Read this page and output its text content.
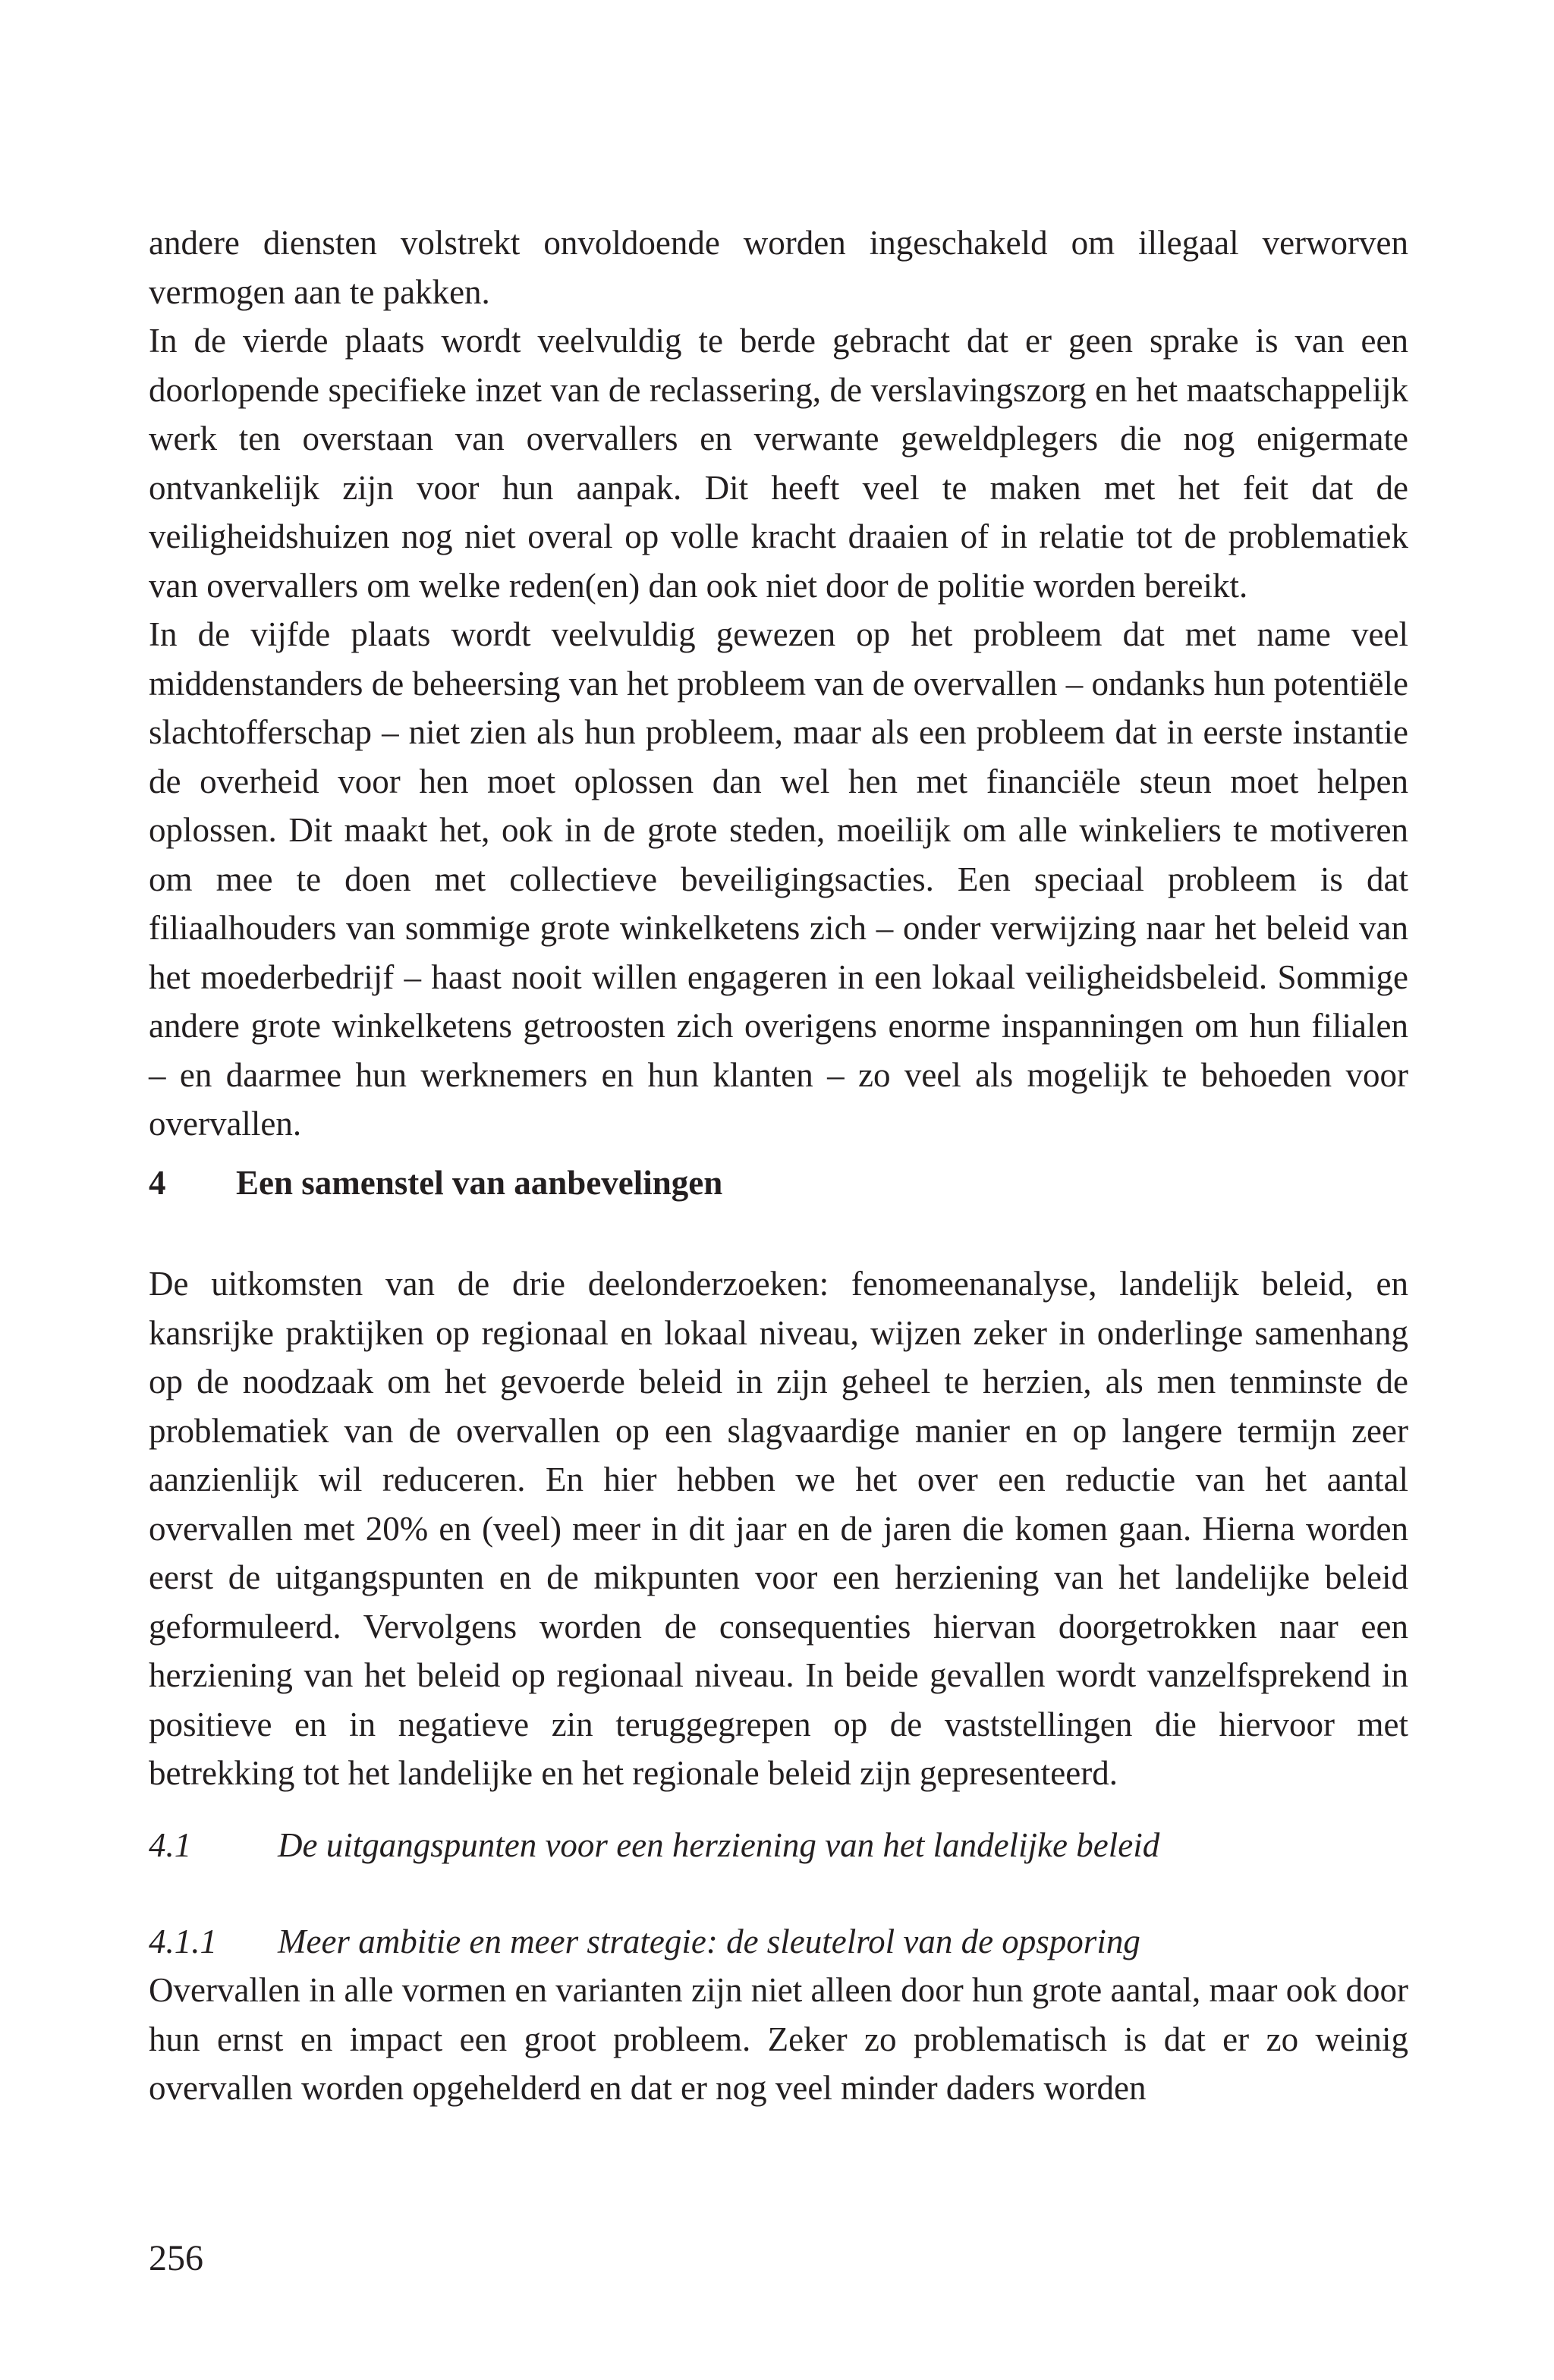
andere diensten volstrekt onvoldoende worden ingeschakeld om illegaal verworven vermogen aan te pakken.

In de vierde plaats wordt veelvuldig te berde gebracht dat er geen sprake is van een doorlopende specifieke inzet van de reclassering, de verslavingszorg en het maatschappelijk werk ten overstaan van overvallers en verwante geweldplegers die nog enigermate ontvankelijk zijn voor hun aanpak. Dit heeft veel te maken met het feit dat de veiligheidshuizen nog niet overal op volle kracht draaien of in relatie tot de problematiek van overvallers om welke reden(en) dan ook niet door de politie worden bereikt.

In de vijfde plaats wordt veelvuldig gewezen op het probleem dat met name veel middenstanders de beheersing van het probleem van de overvallen – ondanks hun potentiële slachtofferschap – niet zien als hun probleem, maar als een probleem dat in eerste instantie de overheid voor hen moet oplossen dan wel hen met financiële steun moet helpen oplossen. Dit maakt het, ook in de grote steden, moeilijk om alle winkeliers te motiveren om mee te doen met collectieve beveiligingsacties. Een speciaal probleem is dat filiaalhouders van sommige grote winkelketens zich – onder verwijzing naar het beleid van het moederbedrijf – haast nooit willen engageren in een lokaal veiligheidsbeleid. Sommige andere grote winkelketens getroosten zich overigens enorme inspanningen om hun filialen – en daarmee hun werknemers en hun klanten – zo veel als mogelijk te behoeden voor overvallen.

4	Een samenstel van aanbevelingen

De uitkomsten van de drie deelonderzoeken: fenomeenanalyse, landelijk beleid, en kansrijke praktijken op regionaal en lokaal niveau, wijzen zeker in onderlinge samenhang op de noodzaak om het gevoerde beleid in zijn geheel te herzien, als men tenminste de problematiek van de overvallen op een slagvaardige manier en op langere termijn zeer aanzienlijk wil reduceren. En hier hebben we het over een reductie van het aantal overvallen met 20% en (veel) meer in dit jaar en de jaren die komen gaan. Hierna worden eerst de uitgangspunten en de mikpunten voor een herziening van het landelijke beleid geformuleerd. Vervolgens worden de consequenties hiervan doorgetrokken naar een herziening van het beleid op regionaal niveau. In beide gevallen wordt vanzelfsprekend in positieve en in negatieve zin teruggegrepen op de vaststellingen die hiervoor met betrekking tot het landelijke en het regionale beleid zijn gepresenteerd.

4.1	De uitgangspunten voor een herziening van het landelijke beleid
4.1.1	Meer ambitie en meer strategie: de sleutelrol van de opsporing

Overvallen in alle vormen en varianten zijn niet alleen door hun grote aantal, maar ook door hun ernst en impact een groot probleem. Zeker zo problematisch is dat er zo weinig overvallen worden opgehelderd en dat er nog veel minder daders worden

256
